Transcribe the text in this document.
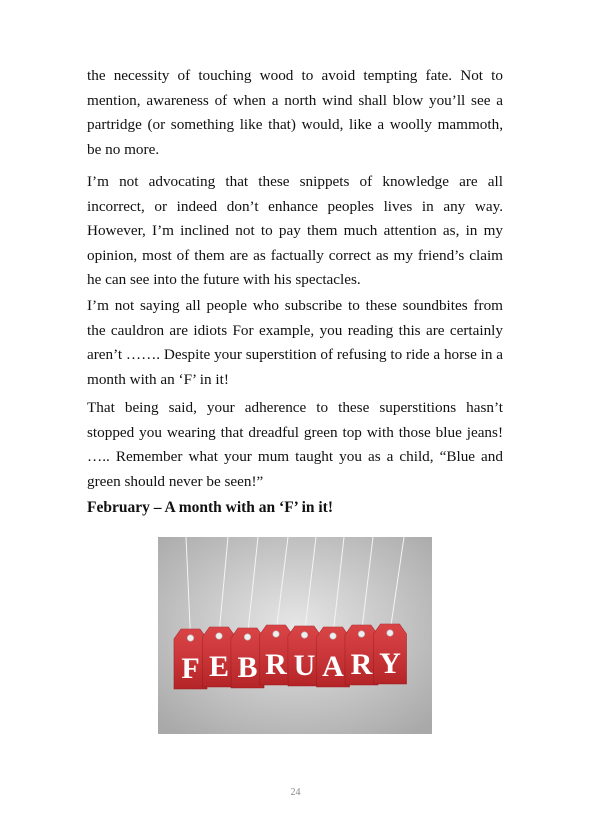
the necessity of touching wood to avoid tempting fate. Not to mention, awareness of when a north wind shall blow you’ll see a partridge (or something like that) would, like a woolly mammoth, be no more.

I’m not advocating that these snippets of knowledge are all incorrect, or indeed don’t enhance peoples lives in any way. However, I’m inclined not to pay them much attention as, in my opinion, most of them are as factually correct as my friend’s claim he can see into the future with his spectacles.

I’m not saying all people who subscribe to these soundbites from the cauldron are idiots For example, you reading this are certainly aren’t ……. Despite your superstition of refusing to ride a horse in a month with an ‘F’ in it!

That being said, your adherence to these superstitions hasn’t stopped you wearing that dreadful green top with those blue jeans! ….. Remember what your mum taught you as a child, “Blue and green should never be seen!”

February – A month with an ‘F’ in it!

F E B R U A R Y
24
